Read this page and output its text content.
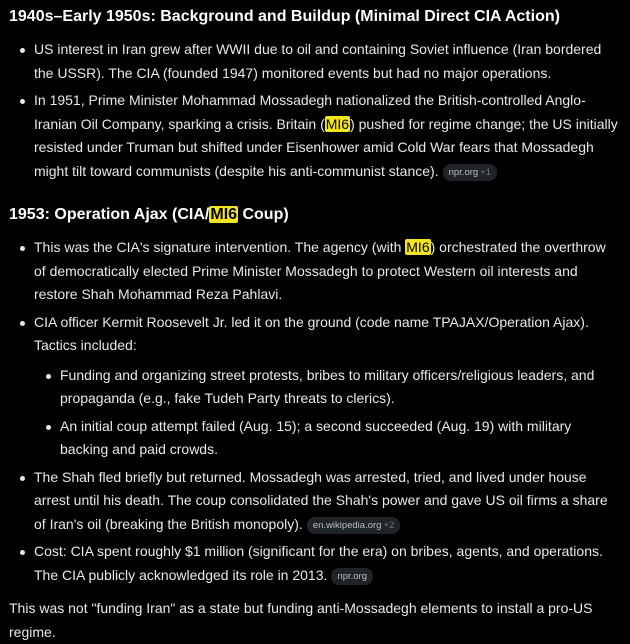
1940s–Early 1950s: Background and Buildup (Minimal Direct CIA Action)
US interest in Iran grew after WWII due to oil and containing Soviet influence (Iran bordered the USSR). The CIA (founded 1947) monitored events but had no major operations.
In 1951, Prime Minister Mohammad Mossadegh nationalized the British-controlled Anglo-Iranian Oil Company, sparking a crisis. Britain (MI6) pushed for regime change; the US initially resisted under Truman but shifted under Eisenhower amid Cold War fears that Mossadegh might tilt toward communists (despite his anti-communist stance). npr.org +1
1953: Operation Ajax (CIA/MI6 Coup)
This was the CIA's signature intervention. The agency (with MI6) orchestrated the overthrow of democratically elected Prime Minister Mossadegh to protect Western oil interests and restore Shah Mohammad Reza Pahlavi.
CIA officer Kermit Roosevelt Jr. led it on the ground (code name TPAJAX/Operation Ajax). Tactics included:
Funding and organizing street protests, bribes to military officers/religious leaders, and propaganda (e.g., fake Tudeh Party threats to clerics).
An initial coup attempt failed (Aug. 15); a second succeeded (Aug. 19) with military backing and paid crowds.
The Shah fled briefly but returned. Mossadegh was arrested, tried, and lived under house arrest until his death. The coup consolidated the Shah's power and gave US oil firms a share of Iran's oil (breaking the British monopoly). en.wikipedia.org +2
Cost: CIA spent roughly $1 million (significant for the era) on bribes, agents, and operations. The CIA publicly acknowledged its role in 2013. npr.org

This was not "funding Iran" as a state but funding anti-Mossadegh elements to install a pro-US regime.
